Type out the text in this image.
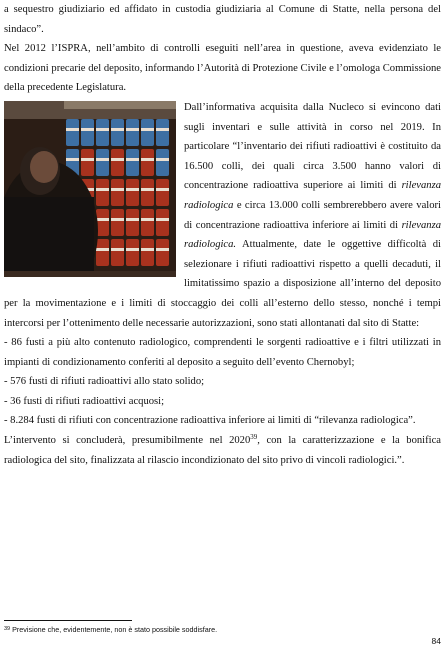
a sequestro giudiziario ed affidato in custodia giudiziaria al Comune di Statte, nella persona del sindaco”.

Nel 2012 l’ISPRA, nell’ambito di controlli eseguiti nell’area in questione, aveva evidenziato le condizioni precarie del deposito, informando l’Autorità di Protezione Civile e l’omologa Commissione della precedente Legislatura.

Dall’informativa acquisita dalla Nucleco si evincono dati sugli inventari e sulle attività in corso nel 2019. In particolare “l’inventario dei rifiuti radioattivi è costituito da 16.500 colli, dei quali circa 3.500 hanno valori di concentrazione radioattiva superiore ai limiti di rilevanza radiologica e circa 13.000 colli sembrerebbero avere valori di concentrazione radioattiva inferiore ai limiti di rilevanza radiologica. Attualmente, date le oggettive difficoltà di selezionare i rifiuti radioattivi rispetto a quelli decaduti, il limitatissimo spazio a disposizione all’interno del deposito per la movimentazione e i limiti di stoccaggio dei colli all’esterno dello stesso, nonché i tempi intercorsi per l’ottenimento delle necessarie autorizzazioni, sono stati allontanati dal sito di Statte:

- 86 fusti a più alto contenuto radiologico, comprendenti le sorgenti radioattive e i filtri utilizzati in impianti di condizionamento conferiti al deposito a seguito dell’evento Chernobyl;

- 576 fusti di rifiuti radioattivi allo stato solido;

- 36 fusti di rifiuti radioattivi acquosi;

- 8.284 fusti di rifiuti con concentrazione radioattiva inferiore ai limiti di “rilevanza radiologica”.

L’intervento si concluderà, presumibilmente nel 2020$^{39}$, con la caratterizzazione e la bonifica radiologica del sito, finalizzata al rilascio incondizionato del sito privo di vincoli radiologici.”.

$^{39}$ Previsione che, evidentemente, non è stato possibile soddisfare.
84
